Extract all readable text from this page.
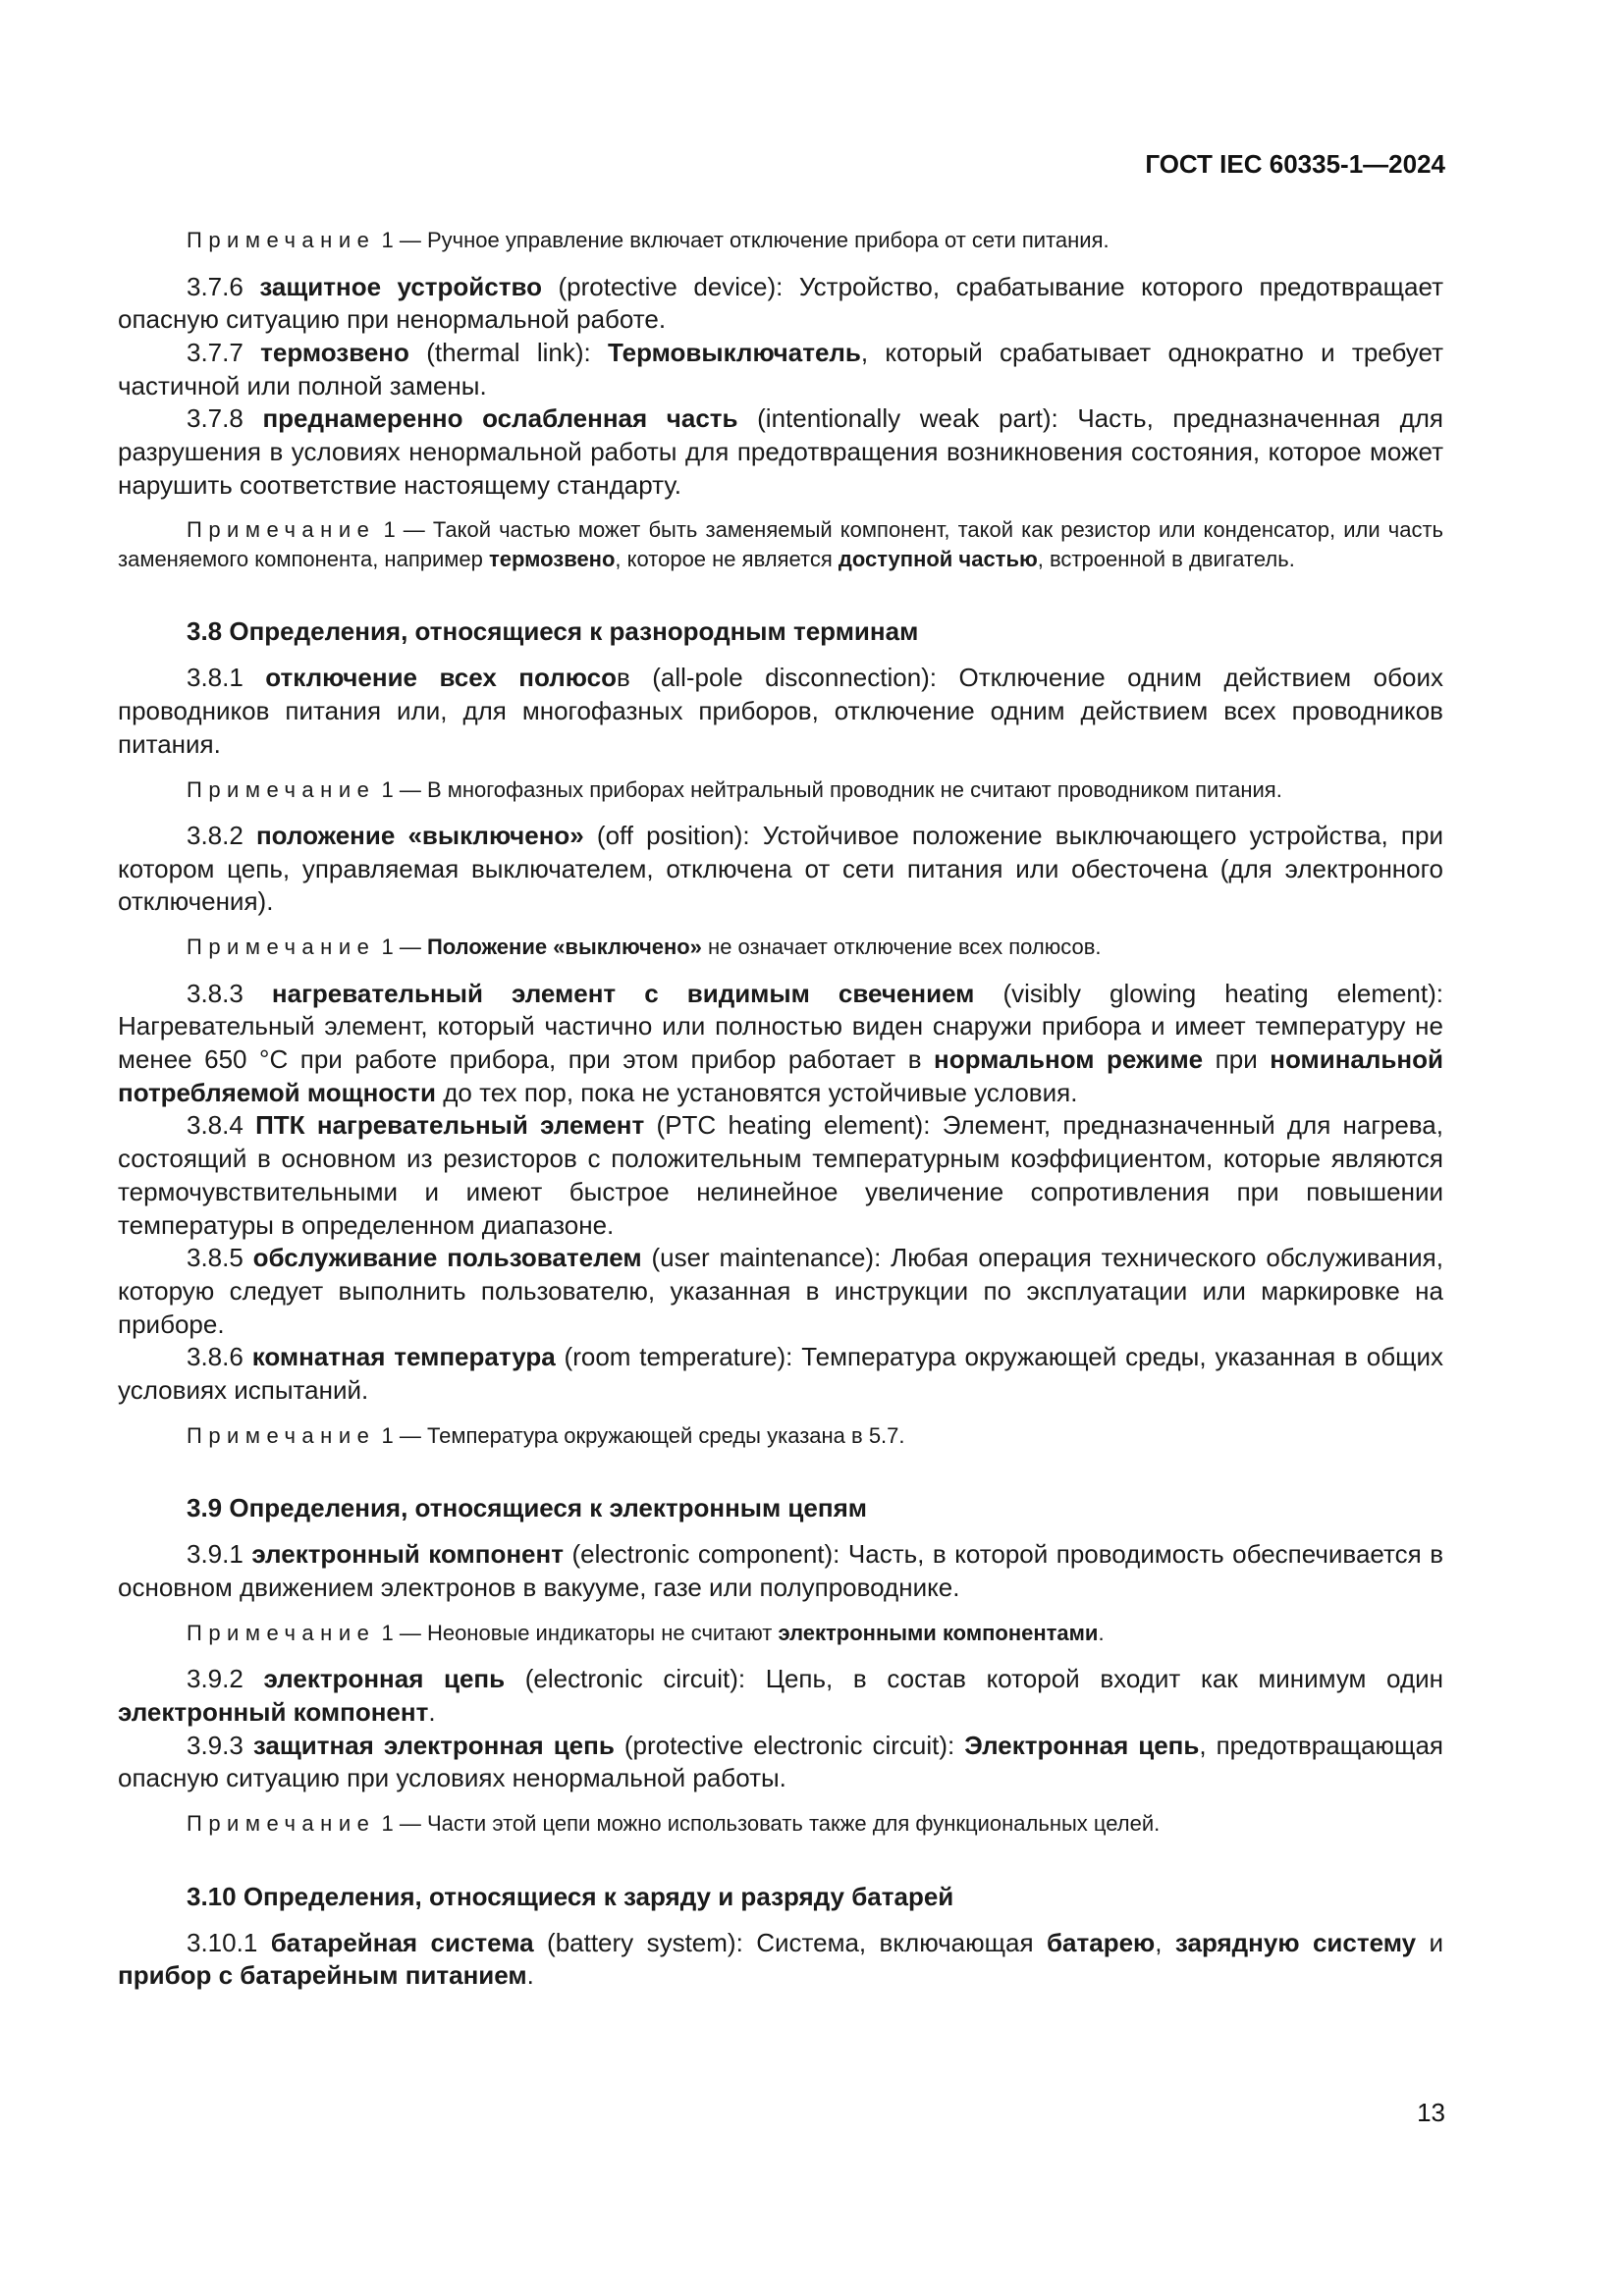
ГОСТ IEC 60335-1—2024

Примечание 1 — Ручное управление включает отключение прибора от сети питания.

3.7.6 защитное устройство (protective device): Устройство, срабатывание которого предотвращает опасную ситуацию при ненормальной работе.

3.7.7 термозвено (thermal link): Термовыключатель, который срабатывает однократно и требует частичной или полной замены.

3.7.8 преднамеренно ослабленная часть (intentionally weak part): Часть, предназначенная для разрушения в условиях ненормальной работы для предотвращения возникновения состояния, которое может нарушить соответствие настоящему стандарту.

Примечание 1 — Такой частью может быть заменяемый компонент, такой как резистор или конденсатор, или часть заменяемого компонента, например термозвено, которое не является доступной частью, встроенной в двигатель.

3.8 Определения, относящиеся к разнородным терминам

3.8.1 отключение всех полюсов (all-pole disconnection): Отключение одним действием обоих проводников питания или, для многофазных приборов, отключение одним действием всех проводников питания.

Примечание 1 — В многофазных приборах нейтральный проводник не считают проводником питания.

3.8.2 положение «выключено» (off position): Устойчивое положение выключающего устройства, при котором цепь, управляемая выключателем, отключена от сети питания или обесточена (для электронного отключения).

Примечание 1 — Положение «выключено» не означает отключение всех полюсов.

3.8.3 нагревательный элемент с видимым свечением (visibly glowing heating element): Нагревательный элемент, который частично или полностью виден снаружи прибора и имеет температуру не менее 650 °C при работе прибора, при этом прибор работает в нормальном режиме при номинальной потребляемой мощности до тех пор, пока не установятся устойчивые условия.

3.8.4 ПТК нагревательный элемент (PTC heating element): Элемент, предназначенный для нагрева, состоящий в основном из резисторов с положительным температурным коэффициентом, которые являются термочувствительными и имеют быстрое нелинейное увеличение сопротивления при повышении температуры в определенном диапазоне.

3.8.5 обслуживание пользователем (user maintenance): Любая операция технического обслуживания, которую следует выполнить пользователю, указанная в инструкции по эксплуатации или маркировке на приборе.

3.8.6 комнатная температура (room temperature): Температура окружающей среды, указанная в общих условиях испытаний.

Примечание 1 — Температура окружающей среды указана в 5.7.

3.9 Определения, относящиеся к электронным цепям

3.9.1 электронный компонент (electronic component): Часть, в которой проводимость обеспечивается в основном движением электронов в вакууме, газе или полупроводнике.

Примечание 1 — Неоновые индикаторы не считают электронными компонентами.

3.9.2 электронная цепь (electronic circuit): Цепь, в состав которой входит как минимум один электронный компонент.

3.9.3 защитная электронная цепь (protective electronic circuit): Электронная цепь, предотвращающая опасную ситуацию при условиях ненормальной работы.

Примечание 1 — Части этой цепи можно использовать также для функциональных целей.

3.10 Определения, относящиеся к заряду и разряду батарей

3.10.1 батарейная система (battery system): Система, включающая батарею, зарядную систему и прибор с батарейным питанием.

13
